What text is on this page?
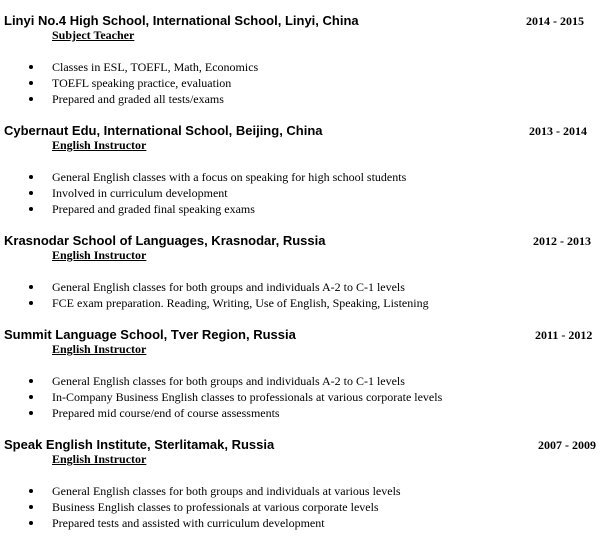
Linyi No.4 High School, International School, Linyi, China	2014 - 2015
Subject Teacher
Classes in ESL, TOEFL, Math, Economics
TOEFL speaking practice, evaluation
Prepared and graded all tests/exams
Cybernaut Edu, International School, Beijing, China	2013 - 2014
English Instructor
General English classes with a focus on speaking for high school students
Involved in curriculum development
Prepared and graded final speaking exams
Krasnodar School of Languages, Krasnodar, Russia	2012 - 2013
English Instructor
General English classes for both groups and individuals A-2 to C-1 levels
FCE exam preparation. Reading, Writing, Use of English, Speaking, Listening
Summit Language School, Tver Region, Russia	2011 - 2012
English Instructor
General English classes for both groups and individuals A-2 to C-1 levels
In-Company Business English classes to professionals at various corporate levels
Prepared mid course/end of course assessments
Speak English Institute, Sterlitamak, Russia	2007 - 2009
English Instructor
General English classes for both groups and individuals at various levels
Business English classes to professionals at various corporate levels
Prepared tests and assisted with curriculum development
